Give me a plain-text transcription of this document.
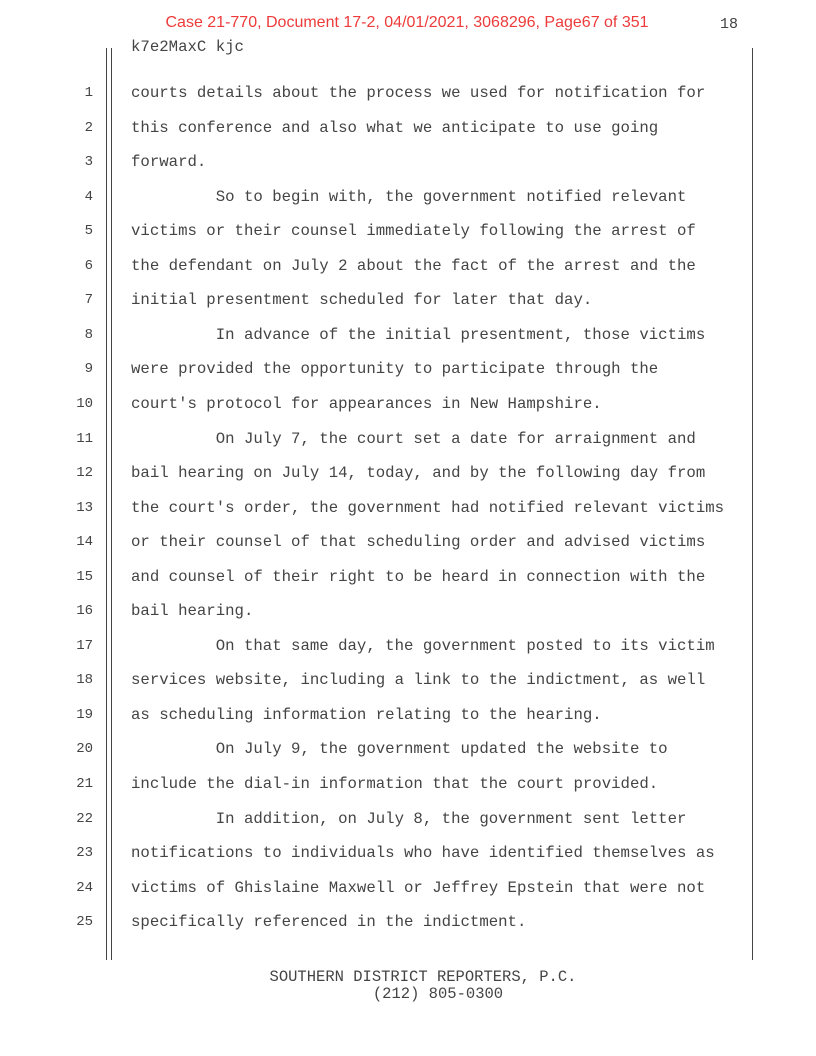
Case 21-770, Document 17-2, 04/01/2021, 3068296, Page67 of 351	18
k7e2MaxC kjc
1 courts details about the process we used for notification for
2 this conference and also what we anticipate to use going
3 forward.
4 So to begin with, the government notified relevant
5 victims or their counsel immediately following the arrest of
6 the defendant on July 2 about the fact of the arrest and the
7 initial presentment scheduled for later that day.
8 In advance of the initial presentment, those victims
9 were provided the opportunity to participate through the
10 court's protocol for appearances in New Hampshire.
11 On July 7, the court set a date for arraignment and
12 bail hearing on July 14, today, and by the following day from
13 the court's order, the government had notified relevant victims
14 or their counsel of that scheduling order and advised victims
15 and counsel of their right to be heard in connection with the
16 bail hearing.
17 On that same day, the government posted to its victim
18 services website, including a link to the indictment, as well
19 as scheduling information relating to the hearing.
20 On July 9, the government updated the website to
21 include the dial-in information that the court provided.
22 In addition, on July 8, the government sent letter
23 notifications to individuals who have identified themselves as
24 victims of Ghislaine Maxwell or Jeffrey Epstein that were not
25 specifically referenced in the indictment.
SOUTHERN DISTRICT REPORTERS, P.C.
(212) 805-0300
